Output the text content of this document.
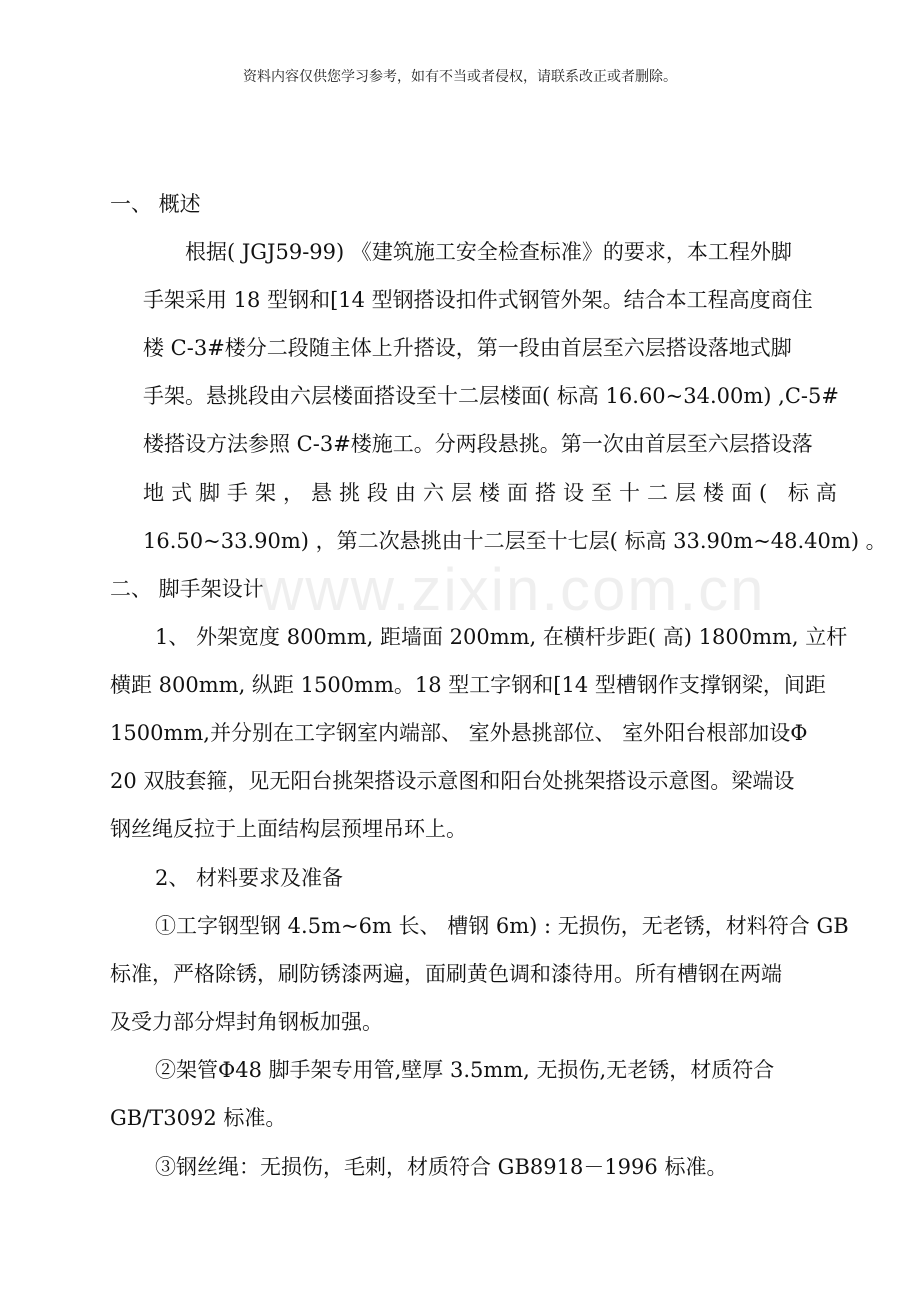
资料内容仅供您学习参考，如有不当或者侵权，请联系改正或者删除。
www.zixin.com.cn
一、 概述
根据( JGJ59-99) 《建筑施工安全检查标准》的要求，本工程外脚
手架采用 18 型钢和[14 型钢搭设扣件式钢管外架。结合本工程高度商住
楼 C-3#楼分二段随主体上升搭设，第一段由首层至六层搭设落地式脚
手架。悬挑段由六层楼面搭设至十二层楼面( 标高 16.60~34.00m) ,C-5#
楼搭设方法参照 C-3#楼施工。分两段悬挑。第一次由首层至六层搭设落
地式脚手架，悬挑段由六层楼面搭设至十二层楼面( 标高
16.50~33.90m) ，第二次悬挑由十二层至十七层( 标高 33.90m~48.40m) 。
二、 脚手架设计
1、 外架宽度 800mm, 距墙面 200mm, 在横杆步距( 高) 1800mm, 立杆
横距 800mm, 纵距 1500mm。18 型工字钢和[14 型槽钢作支撑钢梁，间距
1500mm,并分别在工字钢室内端部、 室外悬挑部位、 室外阳台根部加设Φ
20 双肢套箍，见无阳台挑架搭设示意图和阳台处挑架搭设示意图。梁端设
钢丝绳反拉于上面结构层预埋吊环上。
2、 材料要求及准备
①工字钢型钢 4.5m~6m 长、 槽钢 6m) : 无损伤，无老锈，材料符合 GB
标准，严格除锈，刷防锈漆两遍，面刷黄色调和漆待用。所有槽钢在两端
及受力部分焊封角钢板加强。
②架管Φ48 脚手架专用管,壁厚 3.5mm, 无损伤,无老锈，材质符合
GB/T3092 标准。
③钢丝绳：无损伤，毛刺，材质符合 GB8918－1996 标准。
